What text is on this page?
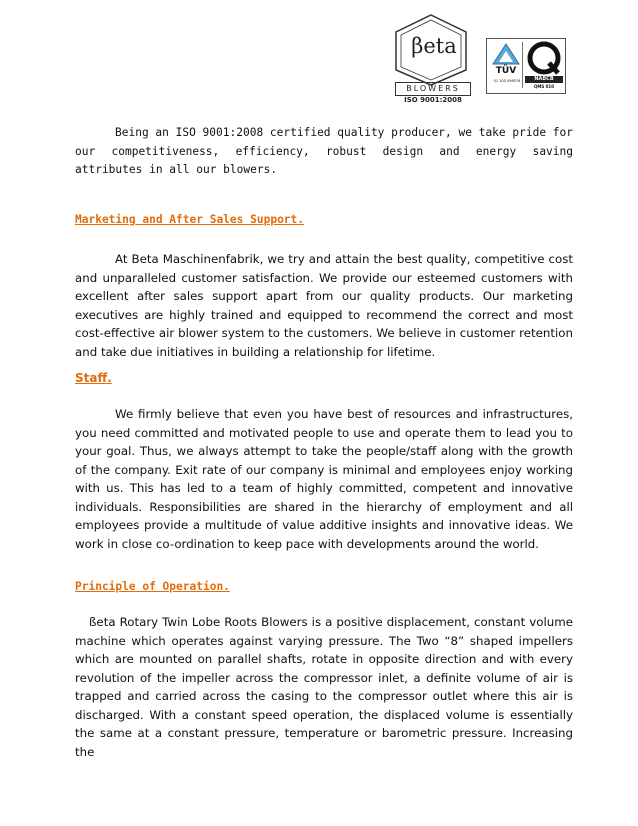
βeta
BLOWERS
ISO 9001:2008
TÜV
01 100 096576	NABCB
QMS 010

Being an ISO 9001:2008 certified quality producer, we take pride for our competitiveness, efficiency, robust design and energy saving attributes in all our blowers.

Marketing and After Sales Support.

At Beta Maschinenfabrik, we try and attain the best quality, competitive cost and unparalleled customer satisfaction. We provide our esteemed customers with excellent after sales support apart from our quality products. Our marketing executives are highly trained and equipped to recommend the correct and most cost-effective air blower system to the customers. We believe in customer retention and take due initiatives in building a relationship for lifetime.

Staff.

We firmly believe that even you have best of resources and infrastructures, you need committed and motivated people to use and operate them to lead you to your goal. Thus, we always attempt to take the people/staff along with the growth of the company. Exit rate of our company is minimal and employees enjoy working with us. This has led to a team of highly committed, competent and innovative individuals. Responsibilities are shared in the hierarchy of employment and all employees provide a multitude of value additive insights and innovative ideas. We work in close co-ordination to keep pace with developments around the world.

Principle of Operation.

ßeta Rotary Twin Lobe Roots Blowers is a positive displacement, constant volume machine which operates against varying pressure. The Two “8” shaped impellers which are mounted on parallel shafts, rotate in opposite direction and with every revolution of the impeller across the compressor inlet, a definite volume of air is trapped and carried across the casing to the compressor outlet where this air is discharged. With a constant speed operation, the displaced volume is essentially the same at a constant pressure, temperature or barometric pressure. Increasing the
